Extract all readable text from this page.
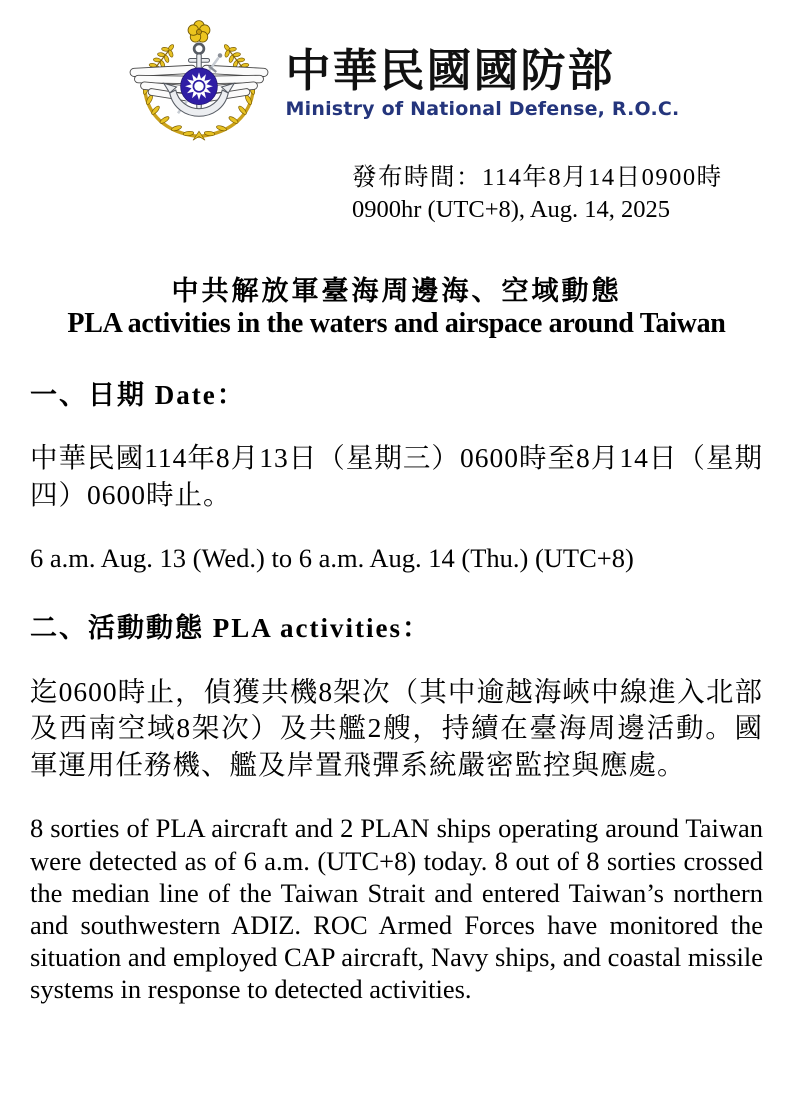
中華民國國防部
Ministry of National Defense, R.O.C.
發布時間：114年8月14日0900時
0900hr (UTC+8), Aug. 14, 2025
中共解放軍臺海周邊海、空域動態
PLA activities in the waters and airspace around Taiwan
一、日期 Date：

中華民國114年8月13日（星期三）0600時至8月14日（星期四）0600時止。

6 a.m. Aug. 13 (Wed.) to 6 a.m. Aug. 14 (Thu.) (UTC+8)

二、活動動態 PLA activities：

迄0600時止，偵獲共機8架次（其中逾越海峽中線進入北部及西南空域8架次）及共艦2艘，持續在臺海周邊活動。國軍運用任務機、艦及岸置飛彈系統嚴密監控與應處。

8 sorties of PLA aircraft and 2 PLAN ships operating around Taiwan were detected as of 6 a.m. (UTC+8) today. 8 out of 8 sorties crossed the median line of the Taiwan Strait and entered Taiwan’s northern and southwestern ADIZ. ROC Armed Forces have monitored the situation and employed CAP aircraft, Navy ships, and coastal missile systems in response to detected activities.
